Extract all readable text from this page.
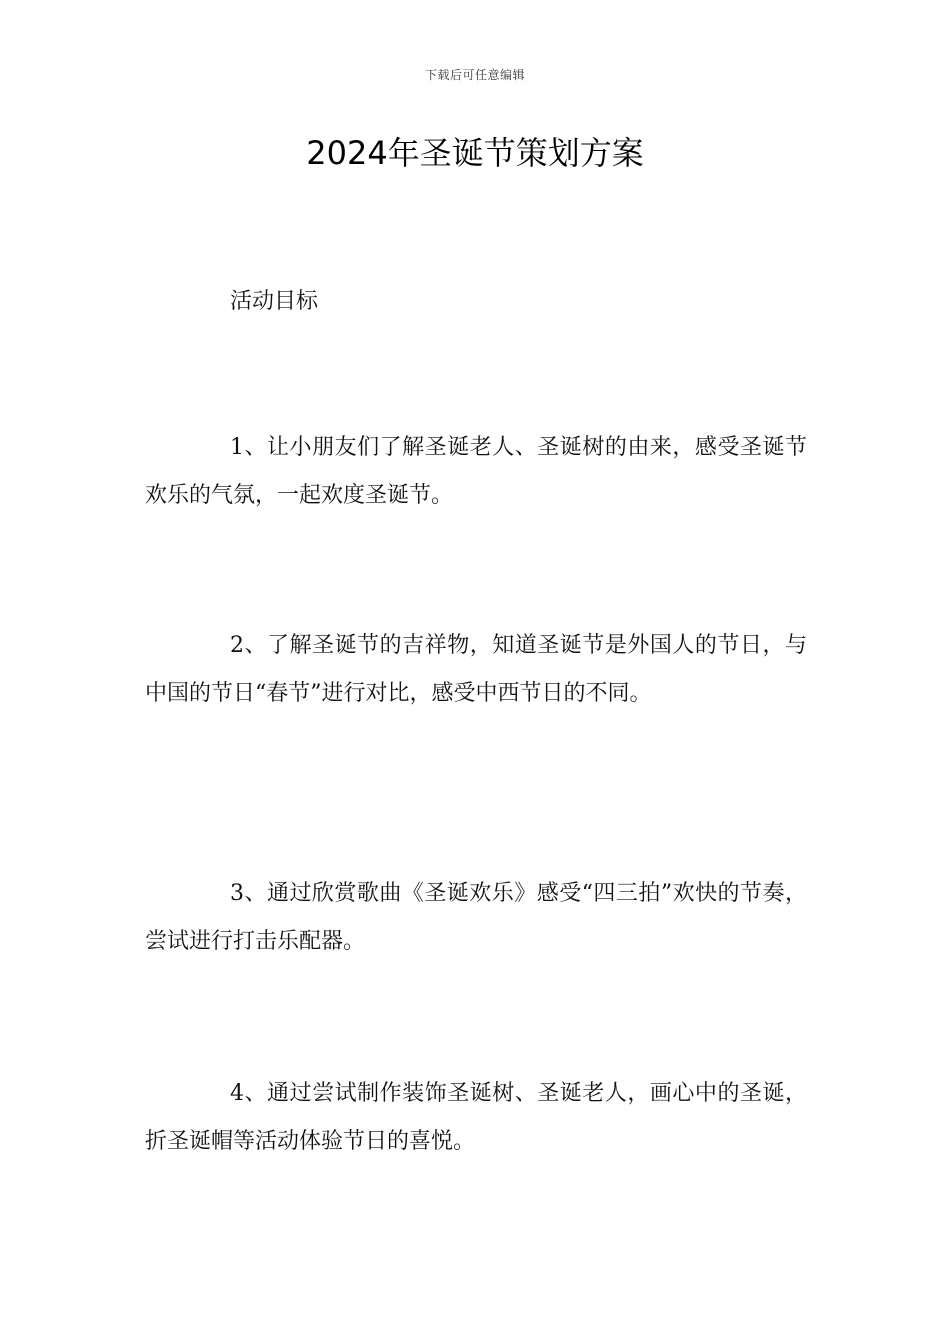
下载后可任意编辑
2024年圣诞节策划方案
活动目标

1、让小朋友们了解圣诞老人、圣诞树的由来，感受圣诞节欢乐的气氛，一起欢度圣诞节。

2、了解圣诞节的吉祥物，知道圣诞节是外国人的节日，与中国的节日“春节”进行对比，感受中西节日的不同。

3、通过欣赏歌曲《圣诞欢乐》感受“四三拍”欢快的节奏，尝试进行打击乐配器。

4、通过尝试制作装饰圣诞树、圣诞老人，画心中的圣诞，折圣诞帽等活动体验节日的喜悦。
